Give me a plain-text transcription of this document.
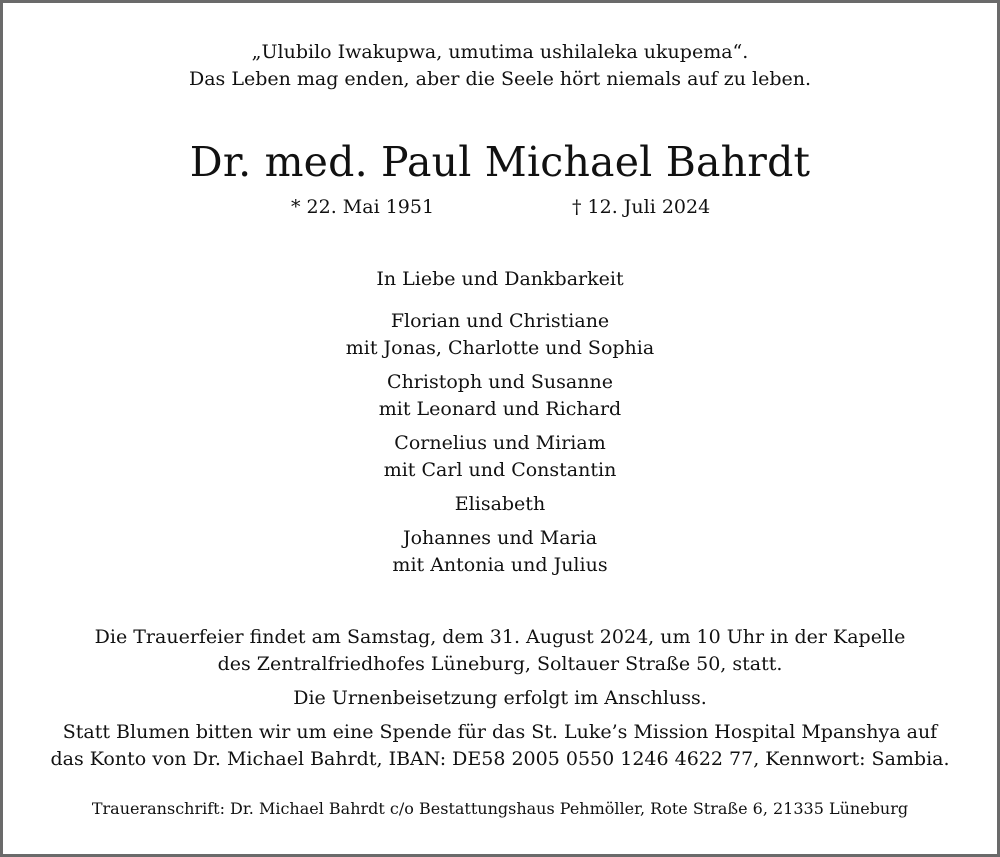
„Ulubilo Iwakupwa, umutima ushilaleka ukupema“.
Das Leben mag enden, aber die Seele hört niemals auf zu leben.
Dr. med. Paul Michael Bahrdt
* 22. Mai 1951	† 12. Juli 2024
In Liebe und Dankbarkeit
Florian und Christiane
mit Jonas, Charlotte und Sophia
Christoph und Susanne
mit Leonard und Richard
Cornelius und Miriam
mit Carl und Constantin
Elisabeth
Johannes und Maria
mit Antonia und Julius
Die Trauerfeier findet am Samstag, dem 31. August 2024, um 10 Uhr in der Kapelle
des Zentralfriedhofes Lüneburg, Soltauer Straße 50, statt.
Die Urnenbeisetzung erfolgt im Anschluss.
Statt Blumen bitten wir um eine Spende für das St. Luke’s Mission Hospital Mpanshya auf
das Konto von Dr. Michael Bahrdt, IBAN: DE58 2005 0550 1246 4622 77, Kennwort: Sambia.
Traueranschrift: Dr. Michael Bahrdt c/o Bestattungshaus Pehmöller, Rote Straße 6, 21335 Lüneburg
